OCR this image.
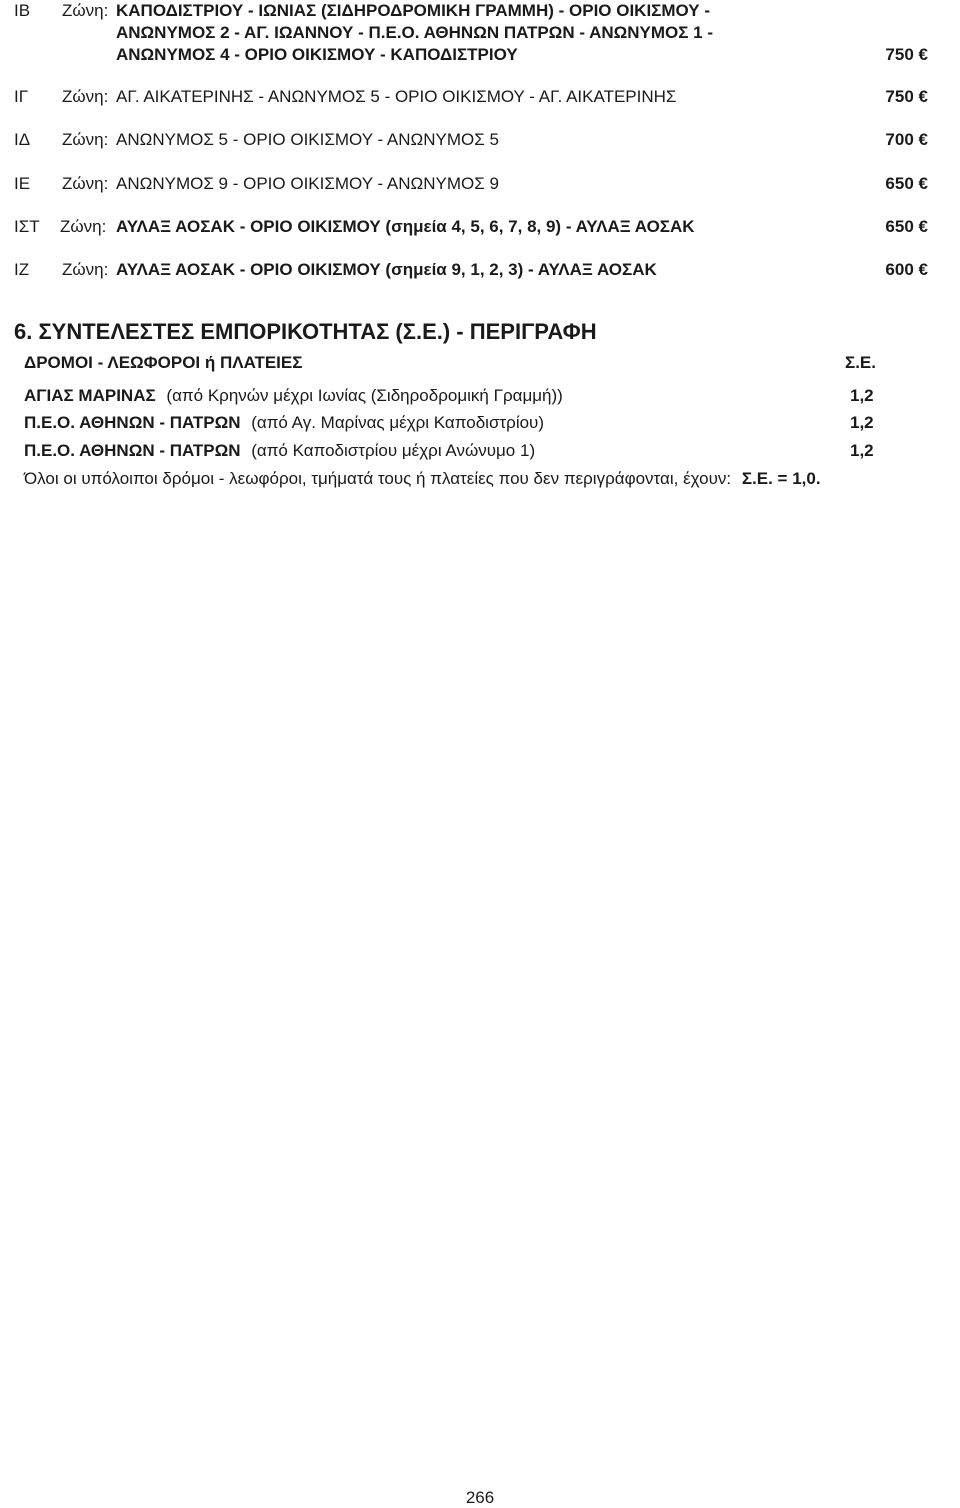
IB Ζώνη: ΚΑΠΟΔΙΣΤΡΙΟΥ - ΙΩΝΙΑΣ (ΣΙΔΗΡΟΔΡΟΜΙΚΗ ΓΡΑΜΜΗ) - ΟΡΙΟ ΟΙΚΙΣΜΟΥ -
ΑΝΩΝΥΜΟΣ 2 - ΑΓ. ΙΩΑΝΝΟΥ - Π.Ε.Ο. ΑΘΗΝΩΝ ΠΑΤΡΩΝ - ΑΝΩΝΥΜΟΣ 1 -
ΑΝΩΝΥΜΟΣ 4 - ΟΡΙΟ ΟΙΚΙΣΜΟΥ - ΚΑΠΟΔΙΣΤΡΙΟΥ	750 €
ΙΓ Ζώνη: ΑΓ. ΑΙΚΑΤΕΡΙΝΗΣ - ΑΝΩΝΥΜΟΣ 5 - ΟΡΙΟ ΟΙΚΙΣΜΟΥ - ΑΓ. ΑΙΚΑΤΕΡΙΝΗΣ	750 €
ΙΔ Ζώνη: ΑΝΩΝΥΜΟΣ 5 - ΟΡΙΟ ΟΙΚΙΣΜΟΥ - ΑΝΩΝΥΜΟΣ 5	700 €
ΙΕ Ζώνη: ΑΝΩΝΥΜΟΣ 9 - ΟΡΙΟ ΟΙΚΙΣΜΟΥ - ΑΝΩΝΥΜΟΣ 9	650 €
ΙΣΤ Ζώνη: ΑΥΛΑΞ ΑΟΣΑΚ - ΟΡΙΟ ΟΙΚΙΣΜΟΥ (σημεία 4, 5, 6, 7, 8, 9) - ΑΥΛΑΞ ΑΟΣΑΚ	650 €
ΙΖ Ζώνη: ΑΥΛΑΞ ΑΟΣΑΚ - ΟΡΙΟ ΟΙΚΙΣΜΟΥ (σημεία 9, 1, 2, 3) - ΑΥΛΑΞ ΑΟΣΑΚ	600 €
6. ΣΥΝΤΕΛΕΣΤΕΣ ΕΜΠΟΡΙΚΟΤΗΤΑΣ (Σ.Ε.) - ΠΕΡΙΓΡΑΦΗ
ΔΡΟΜΟΙ - ΛΕΩΦΟΡΟΙ ή ΠΛΑΤΕΙΕΣ	Σ.Ε.
ΑΓΙΑΣ ΜΑΡΙΝΑΣ (από Κρηνών μέχρι Ιωνίας (Σιδηροδρομική Γραμμή))	1,2
Π.Ε.Ο. ΑΘΗΝΩΝ - ΠΑΤΡΩΝ (από Αγ. Μαρίνας μέχρι Καποδιστρίου)	1,2
Π.Ε.Ο. ΑΘΗΝΩΝ - ΠΑΤΡΩΝ (από Καποδιστρίου μέχρι Ανώνυμο 1)	1,2
Όλοι οι υπόλοιποι δρόμοι - λεωφόροι, τμήματά τους ή πλατείες που δεν περιγράφονται, έχουν: Σ.Ε. = 1,0.
266
